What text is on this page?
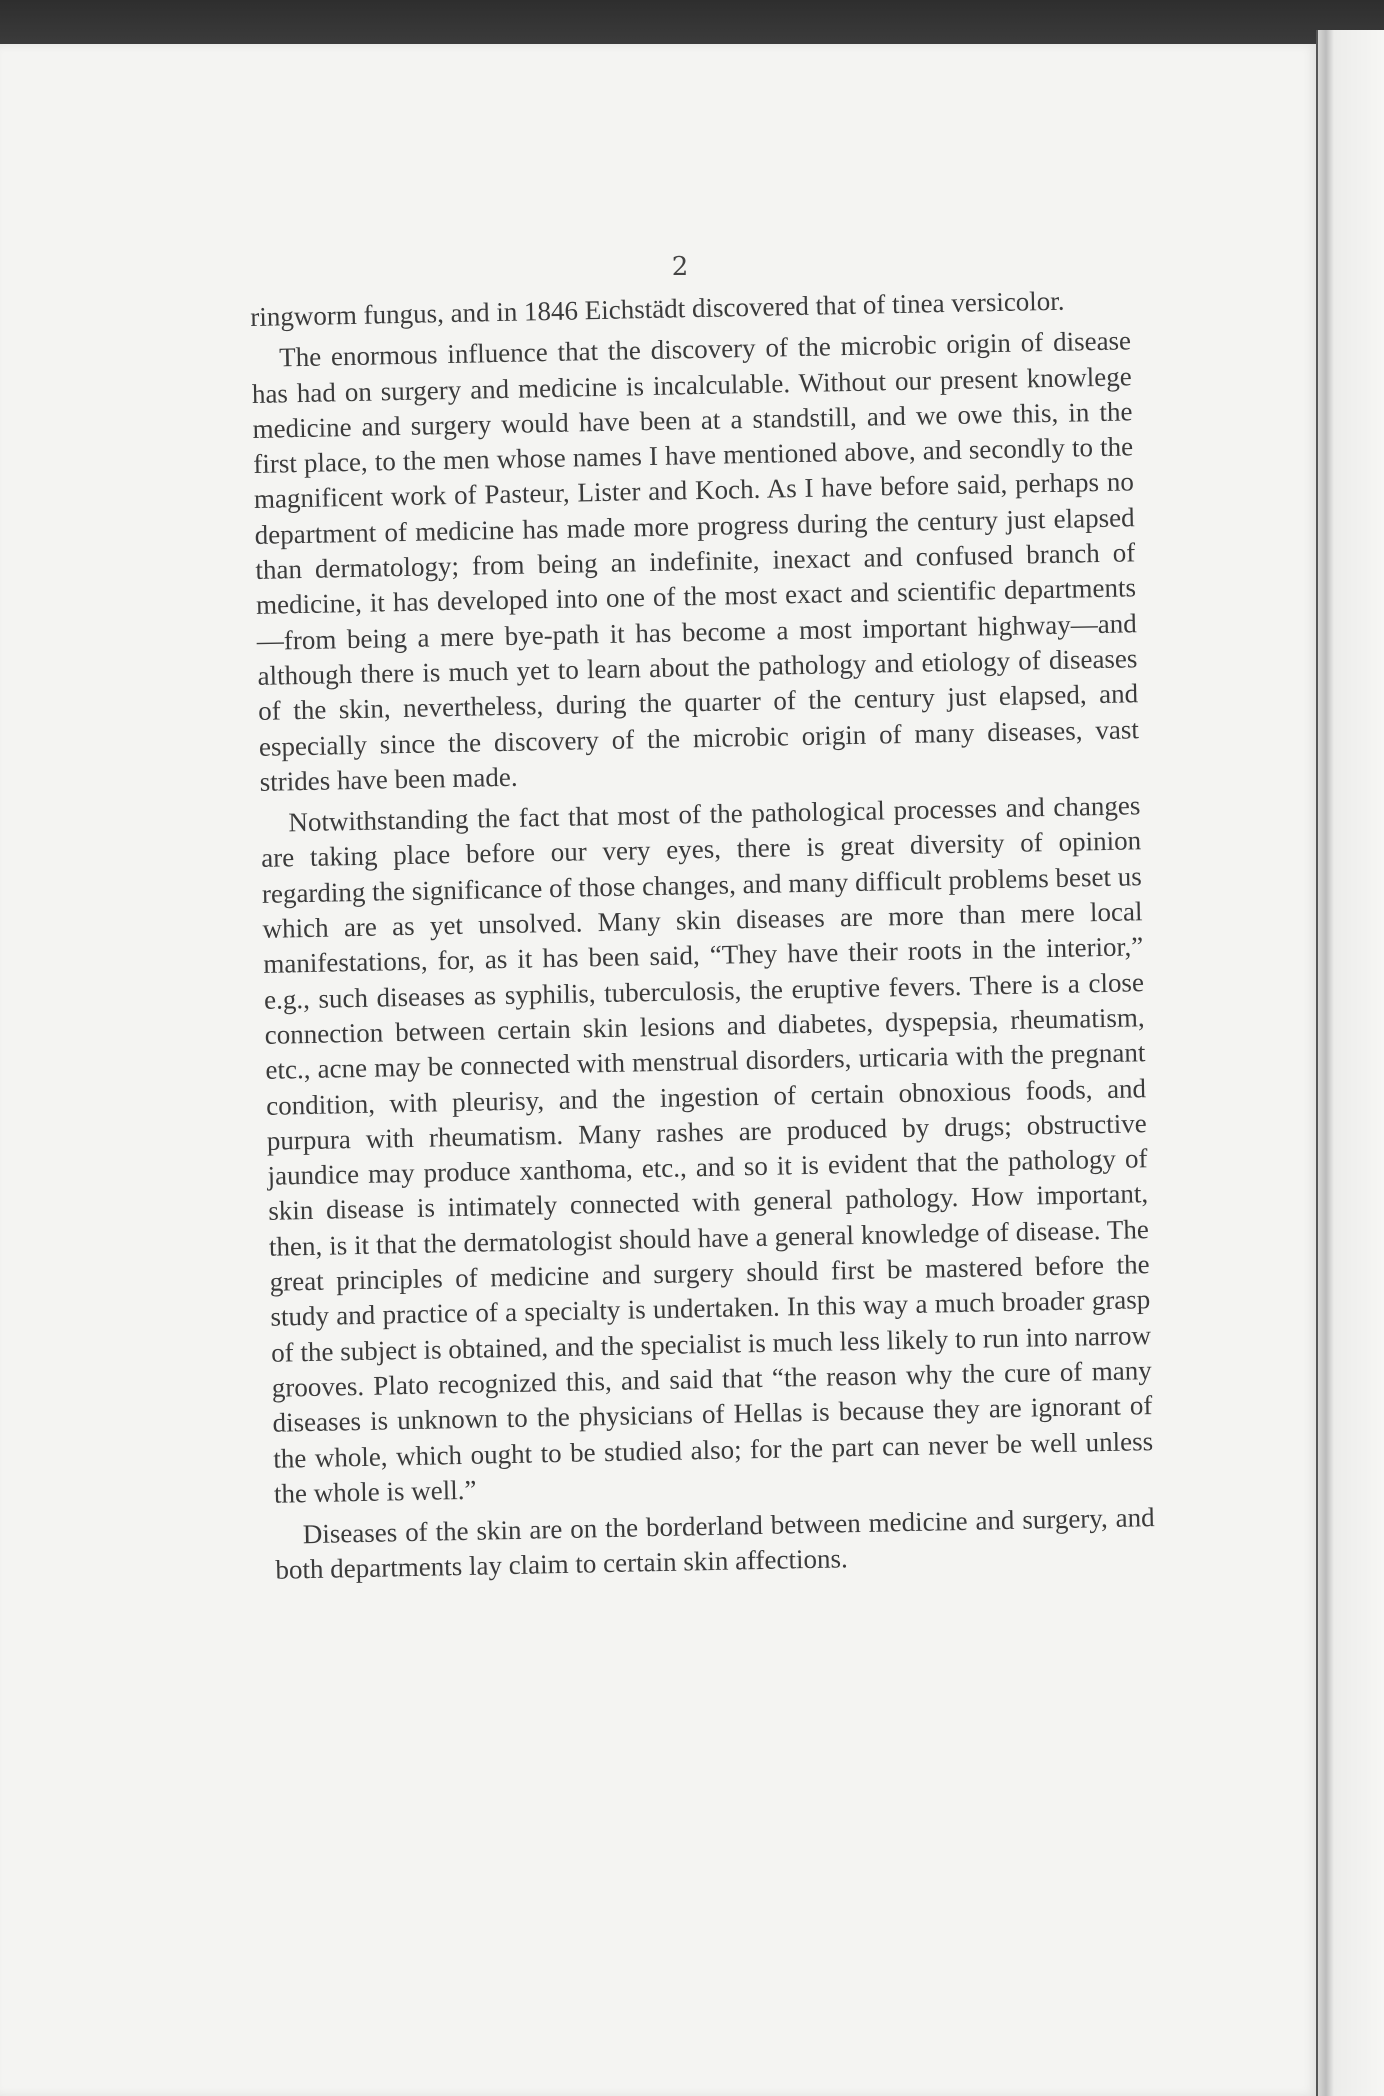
2

ringworm fungus, and in 1846 Eichstädt discovered that of tinea versicolor.

The enormous influence that the discovery of the microbic origin of disease has had on surgery and medicine is incalculable. Without our present knowlege medicine and surgery would have been at a standstill, and we owe this, in the first place, to the men whose names I have mentioned above, and secondly to the magnificent work of Pasteur, Lister and Koch. As I have before said, perhaps no department of medicine has made more progress during the century just elapsed than dermatology; from being an indefinite, inexact and confused branch of medicine, it has developed into one of the most exact and scientific departments—from being a mere bye-path it has become a most important highway—and although there is much yet to learn about the pathology and etiology of diseases of the skin, nevertheless, during the quarter of the century just elapsed, and especially since the discovery of the microbic origin of many diseases, vast strides have been made.

Notwithstanding the fact that most of the pathological processes and changes are taking place before our very eyes, there is great diversity of opinion regarding the significance of those changes, and many difficult problems beset us which are as yet unsolved. Many skin diseases are more than mere local manifestations, for, as it has been said, “They have their roots in the interior,” e.g., such diseases as syphilis, tuberculosis, the eruptive fevers. There is a close connection between certain skin lesions and diabetes, dyspepsia, rheumatism, etc., acne may be connected with menstrual disorders, urticaria with the pregnant condition, with pleurisy, and the ingestion of certain obnoxious foods, and purpura with rheumatism. Many rashes are produced by drugs; obstructive jaundice may produce xanthoma, etc., and so it is evident that the pathology of skin disease is intimately connected with general pathology. How important, then, is it that the dermatologist should have a general knowledge of disease. The great principles of medicine and surgery should first be mastered before the study and practice of a specialty is undertaken. In this way a much broader grasp of the subject is obtained, and the specialist is much less likely to run into narrow grooves. Plato recognized this, and said that “the reason why the cure of many diseases is unknown to the physicians of Hellas is because they are ignorant of the whole, which ought to be studied also; for the part can never be well unless the whole is well.”

Diseases of the skin are on the borderland between medicine and surgery, and both departments lay claim to certain skin affections.
